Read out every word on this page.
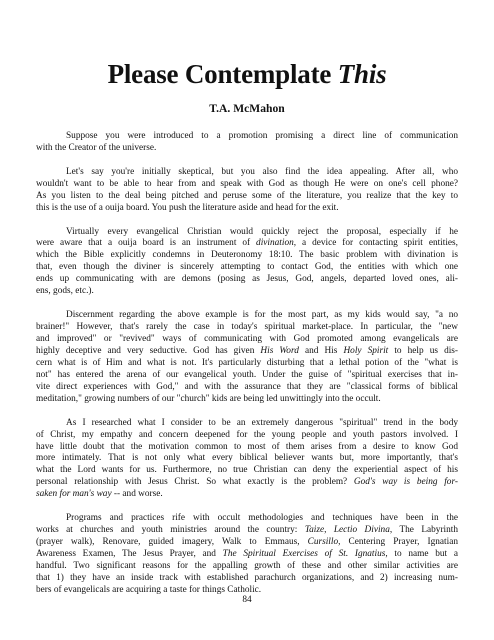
Please Contemplate This
T.A. McMahon

Suppose you were introduced to a promotion promising a direct line of communication
with the Creator of the universe.

Let's say you're initially skeptical, but you also find the idea appealing. After all, who
wouldn't want to be able to hear from and speak with God as though He were on one's cell phone?
As you listen to the deal being pitched and peruse some of the literature, you realize that the key to
this is the use of a ouija board. You push the literature aside and head for the exit.

Virtually every evangelical Christian would quickly reject the proposal, especially if he
were aware that a ouija board is an instrument of divination, a device for contacting spirit entities,
which the Bible explicitly condemns in Deuteronomy 18:10. The basic problem with divination is
that, even though the diviner is sincerely attempting to contact God, the entities with which one
ends up communicating with are demons (posing as Jesus, God, angels, departed loved ones, ali-
ens, gods, etc.).

Discernment regarding the above example is for the most part, as my kids would say, "a no
brainer!" However, that's rarely the case in today's spiritual market-place. In particular, the "new
and improved" or "revived" ways of communicating with God promoted among evangelicals are
highly deceptive and very seductive. God has given His Word and His Holy Spirit to help us dis-
cern what is of Him and what is not. It's particularly disturbing that a lethal potion of the "what is
not" has entered the arena of our evangelical youth. Under the guise of "spiritual exercises that in-
vite direct experiences with God," and with the assurance that they are "classical forms of biblical
meditation," growing numbers of our "church" kids are being led unwittingly into the occult.

As I researched what I consider to be an extremely dangerous "spiritual" trend in the body
of Christ, my empathy and concern deepened for the young people and youth pastors involved. I
have little doubt that the motivation common to most of them arises from a desire to know God
more intimately. That is not only what every biblical believer wants but, more importantly, that's
what the Lord wants for us. Furthermore, no true Christian can deny the experiential aspect of his
personal relationship with Jesus Christ. So what exactly is the problem? God's way is being for-
saken for man's way -- and worse.

Programs and practices rife with occult methodologies and techniques have been in the
works at churches and youth ministries around the country: Taize, Lectio Divina, The Labyrinth
(prayer walk), Renovare, guided imagery, Walk to Emmaus, Cursillo, Centering Prayer, Ignatian
Awareness Examen, The Jesus Prayer, and The Spiritual Exercises of St. Ignatius, to name but a
handful. Two significant reasons for the appalling growth of these and other similar activities are
that 1) they have an inside track with established parachurch organizations, and 2) increasing num-
bers of evangelicals are acquiring a taste for things Catholic.

84
